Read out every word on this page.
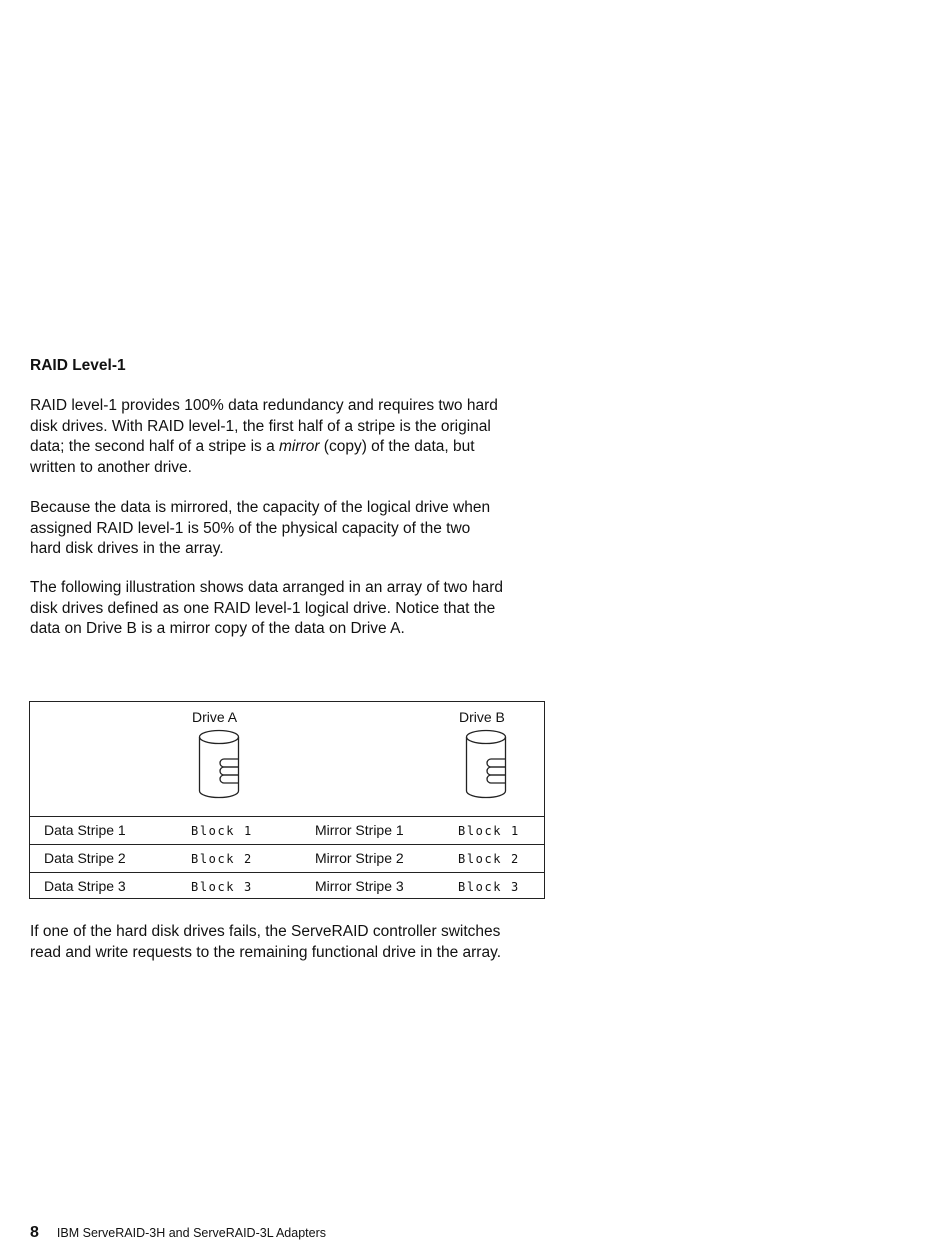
RAID Level-1

RAID level-1 provides 100% data redundancy and requires two hard
disk drives. With RAID level-1, the first half of a stripe is the original
data; the second half of a stripe is a mirror (copy) of the data, but
written to another drive.

Because the data is mirrored, the capacity of the logical drive when
assigned RAID level-1 is 50% of the physical capacity of the two
hard disk drives in the array.

The following illustration shows data arranged in an array of two hard
disk drives defined as one RAID level-1 logical drive. Notice that the
data on Drive B is a mirror copy of the data on Drive A.

Drive A	Drive B
Data Stripe 1	Block 1	Mirror Stripe 1	Block 1
Data Stripe 2	Block 2	Mirror Stripe 2	Block 2
Data Stripe 3	Block 3	Mirror Stripe 3	Block 3

If one of the hard disk drives fails, the ServeRAID controller switches
read and write requests to the remaining functional drive in the array.

8 IBM ServeRAID-3H and ServeRAID-3L Adapters
